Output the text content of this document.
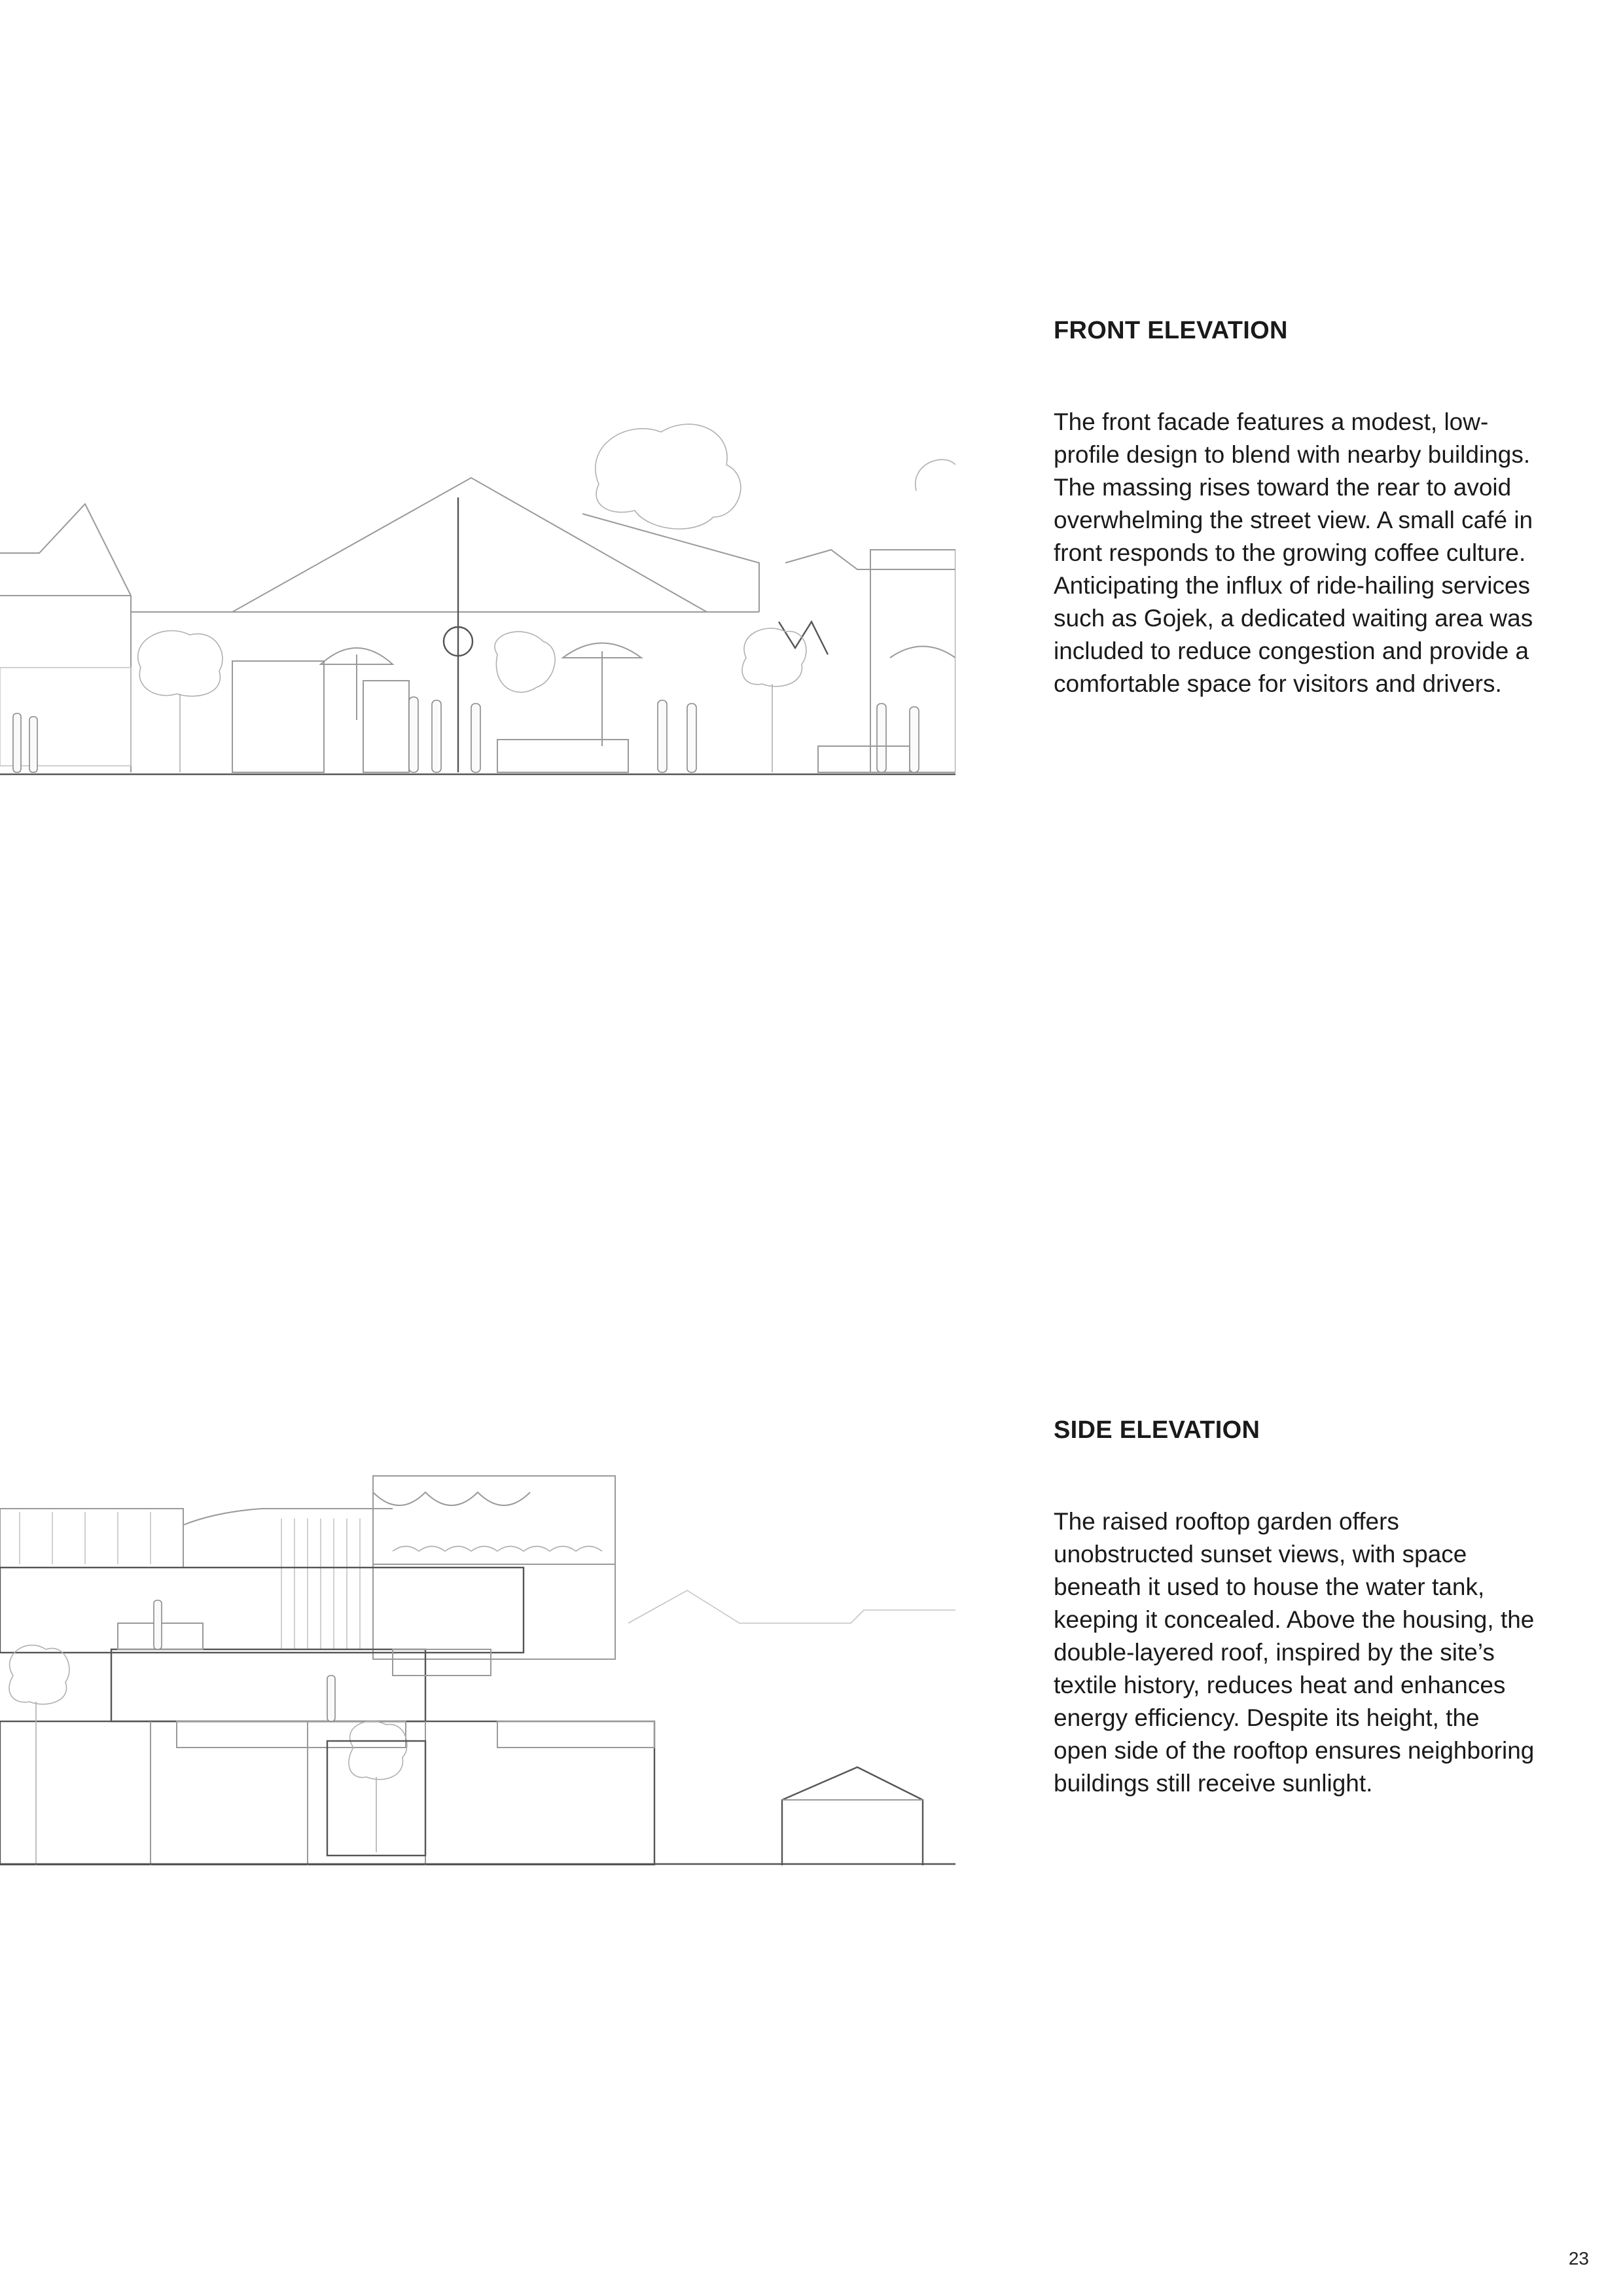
FRONT ELEVATION

The front facade features a modest, low-profile design to blend with nearby buildings. The massing rises toward the rear to avoid overwhelming the street view. A small café in front responds to the growing coffee culture. Anticipating the influx of ride-hailing services such as Gojek, a dedicated waiting area was included to reduce congestion and provide a comfortable space for visitors and drivers.

SIDE ELEVATION

The raised rooftop garden offers unobstructed sunset views, with space beneath it used to house the water tank, keeping it concealed. Above the housing, the double-layered roof, inspired by the site’s textile history, reduces heat and enhances energy efficiency. Despite its height, the open side of the rooftop ensures neighboring buildings still receive sunlight.

23
